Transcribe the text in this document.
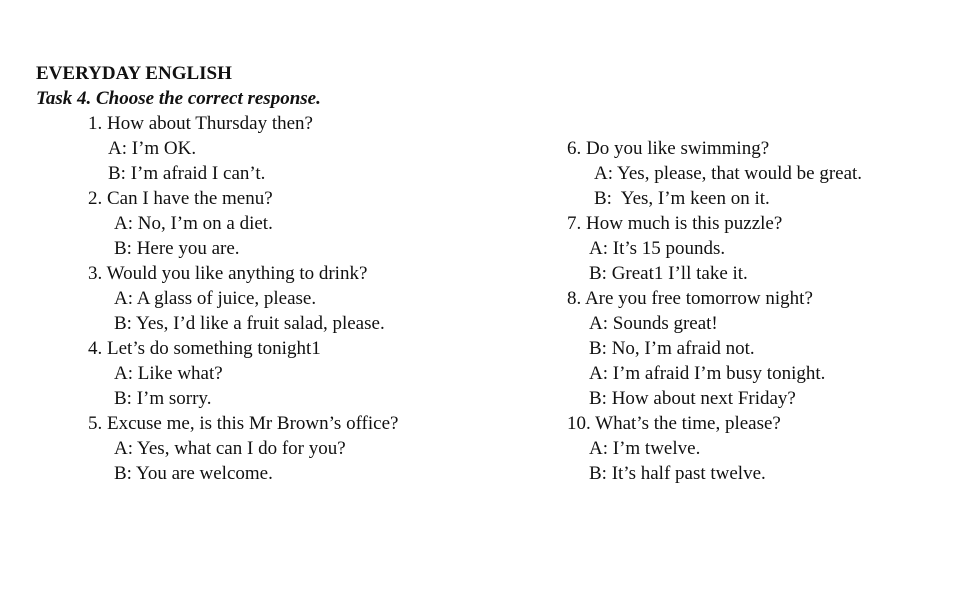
EVERYDAY ENGLISH
Task 4. Choose the correct response.
1. How about Thursday then?
A: I’m OK.
B: I’m afraid I can’t.
2. Can I have the menu?
A: No, I’m on a diet.
B: Here you are.
3. Would you like anything to drink?
A: A glass of juice, please.
B: Yes, I’d like a fruit salad, please.
4. Let’s do something tonight1
A: Like what?
B: I’m sorry.
5. Excuse me, is this Mr Brown’s office?
A: Yes, what can I do for you?
B: You are welcome.
6. Do you like swimming?
A: Yes, please, that would be great.
B:  Yes, I’m keen on it.
7. How much is this puzzle?
A: It’s 15 pounds.
B: Great1 I’ll take it.
8. Are you free tomorrow night?
A: Sounds great!
B: No, I’m afraid not.
A: I’m afraid I’m busy tonight.
B: How about next Friday?
10. What’s the time, please?
A: I’m twelve.
B: It’s half past twelve.
